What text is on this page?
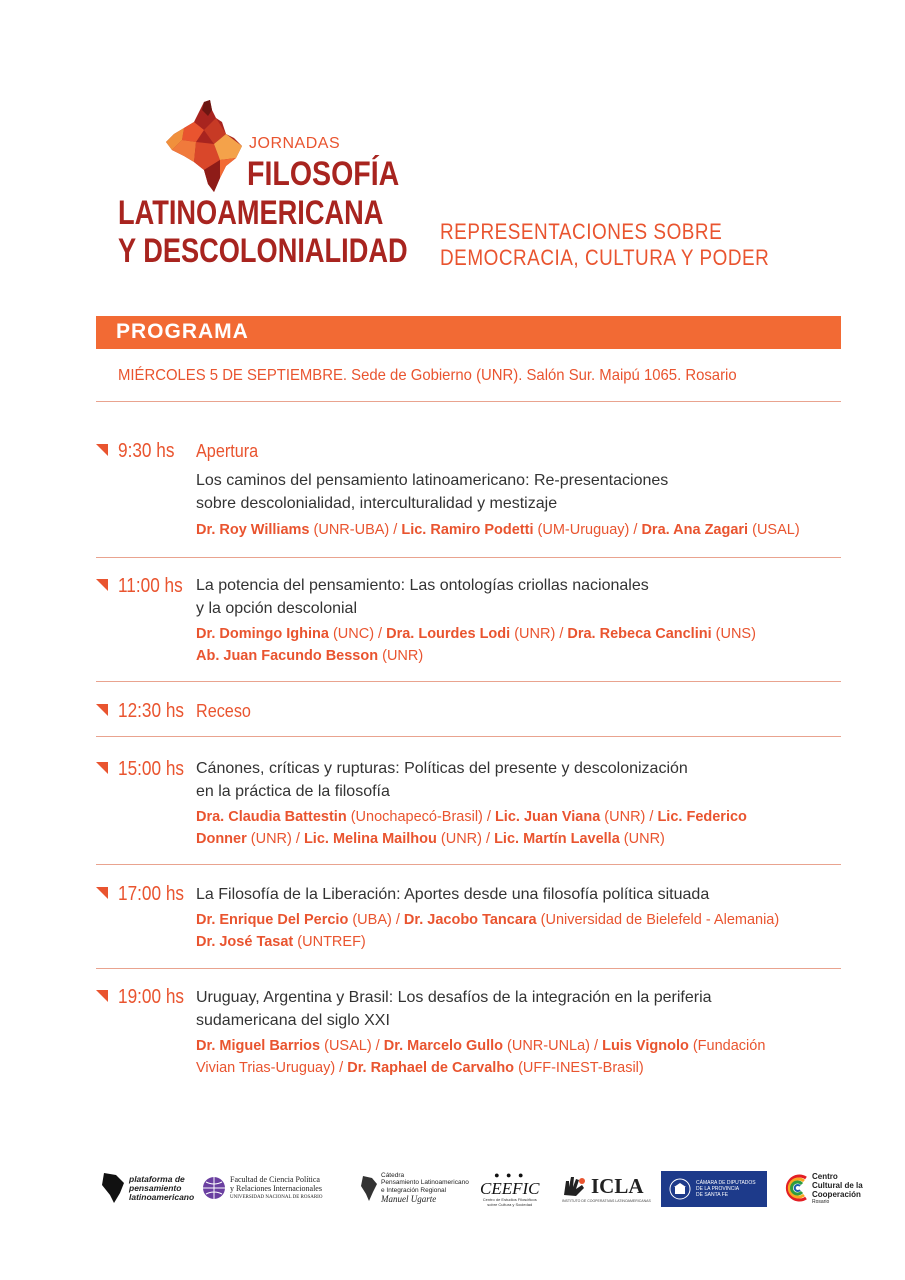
JORNADAS
FILOSOFÍA
LATINOAMERICANA
Y DESCOLONIALIDAD
REPRESENTACIONES SOBRE
DEMOCRACIA, CULTURA Y PODER
PROGRAMA
MIÉRCOLES 5 DE SEPTIEMBRE. Sede de Gobierno (UNR). Salón Sur. Maipú 1065. Rosario
9:30 hs Apertura
Los caminos del pensamiento latinoamericano: Re-presentaciones
sobre descolonialidad, interculturalidad y mestizaje
Dr. Roy Williams (UNR-UBA) / Lic. Ramiro Podetti (UM-Uruguay) / Dra. Ana Zagari (USAL)
11:00 hs La potencia del pensamiento: Las ontologías criollas nacionales
y la opción descolonial
Dr. Domingo Ighina (UNC) / Dra. Lourdes Lodi (UNR) / Dra. Rebeca Canclini (UNS)
Ab. Juan Facundo Besson (UNR)
12:30 hs Receso
15:00 hs Cánones, críticas y rupturas: Políticas del presente y descolonización
en la práctica de la filosofía
Dra. Claudia Battestin (Unochapecó-Brasil) / Lic. Juan Viana (UNR) / Lic. Federico
Donner (UNR) / Lic. Melina Mailhou (UNR) / Lic. Martín Lavella (UNR)
17:00 hs La Filosofía de la Liberación: Aportes desde una filosofía política situada
Dr. Enrique Del Percio (UBA) / Dr. Jacobo Tancara (Universidad de Bielefeld - Alemania)
Dr. José Tasat (UNTREF)
19:00 hs Uruguay, Argentina y Brasil: Los desafíos de la integración en la periferia
sudamericana del siglo XXI
Dr. Miguel Barrios (USAL) / Dr. Marcelo Gullo (UNR-UNLa) / Luis Vignolo (Fundación
Vivian Trias-Uruguay) / Dr. Raphael de Carvalho (UFF-INEST-Brasil)
plataforma de
pensamiento
latinoamericano
Facultad de Ciencia Política
y Relaciones Internacionales
UNIVERSIDAD NACIONAL DE ROSARIO
Cátedra
Pensamiento Latinoamericano
e Integración Regional
Manuel Ugarte
● ● ●
CEEFIC
Centro de Estudios Filosóficos sobre Cultura y Sociedad
ICLA
INSTITUTO DE COOPERATIVAS LATINOAMERICANAS
CÁMARA DE DIPUTADOS
DE LA PROVINCIA
DE SANTA FE
Centro
Cultural de la
Cooperación
Rosario
